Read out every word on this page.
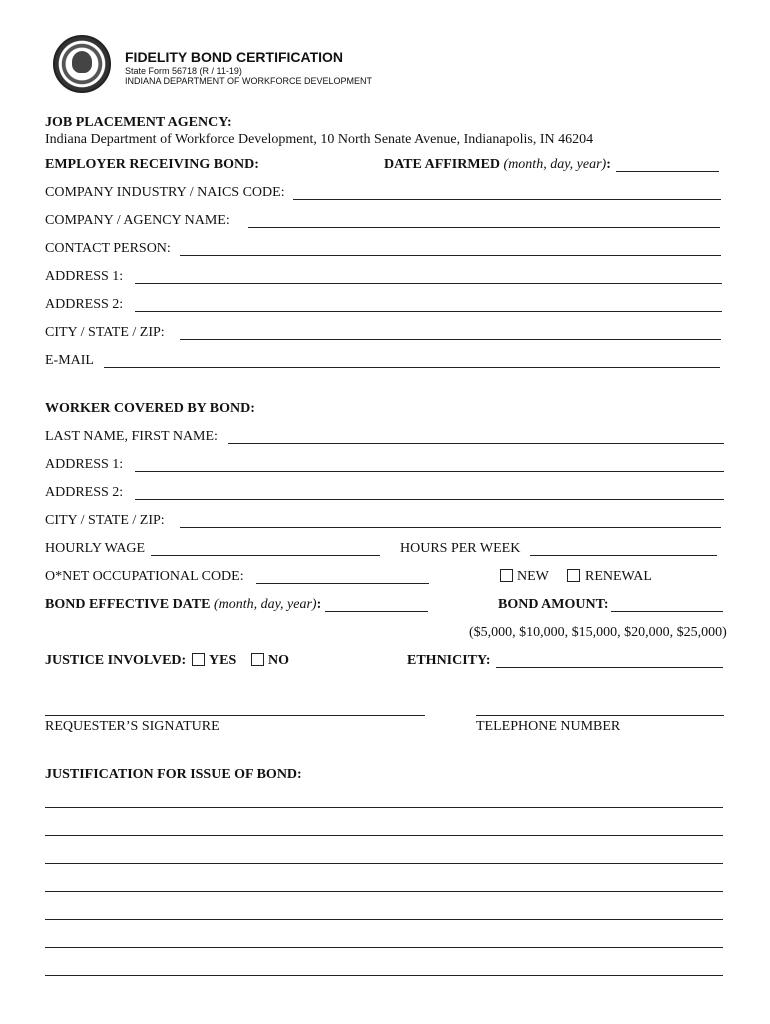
FIDELITY BOND CERTIFICATION
State Form 56718 (R / 11-19)
INDIANA DEPARTMENT OF WORKFORCE DEVELOPMENT
JOB PLACEMENT AGENCY:
Indiana Department of Workforce Development, 10 North Senate Avenue, Indianapolis, IN 46204
EMPLOYER RECEIVING BOND:	DATE AFFIRMED (month, day, year):
COMPANY INDUSTRY / NAICS CODE:
COMPANY / AGENCY NAME:
CONTACT PERSON:
ADDRESS 1:
ADDRESS 2:
CITY / STATE / ZIP:
E-MAIL
WORKER COVERED BY BOND:
LAST NAME, FIRST NAME:
ADDRESS 1:
ADDRESS 2:
CITY / STATE / ZIP:
HOURLY WAGE	HOURS PER WEEK
O*NET OCCUPATIONAL CODE:	NEW	RENEWAL
BOND EFFECTIVE DATE (month, day, year):	BOND AMOUNT:
($5,000, $10,000, $15,000, $20,000, $25,000)
JUSTICE INVOLVED: YES NO	ETHNICITY:
REQUESTER’S SIGNATURE	TELEPHONE NUMBER
JUSTIFICATION FOR ISSUE OF BOND:
